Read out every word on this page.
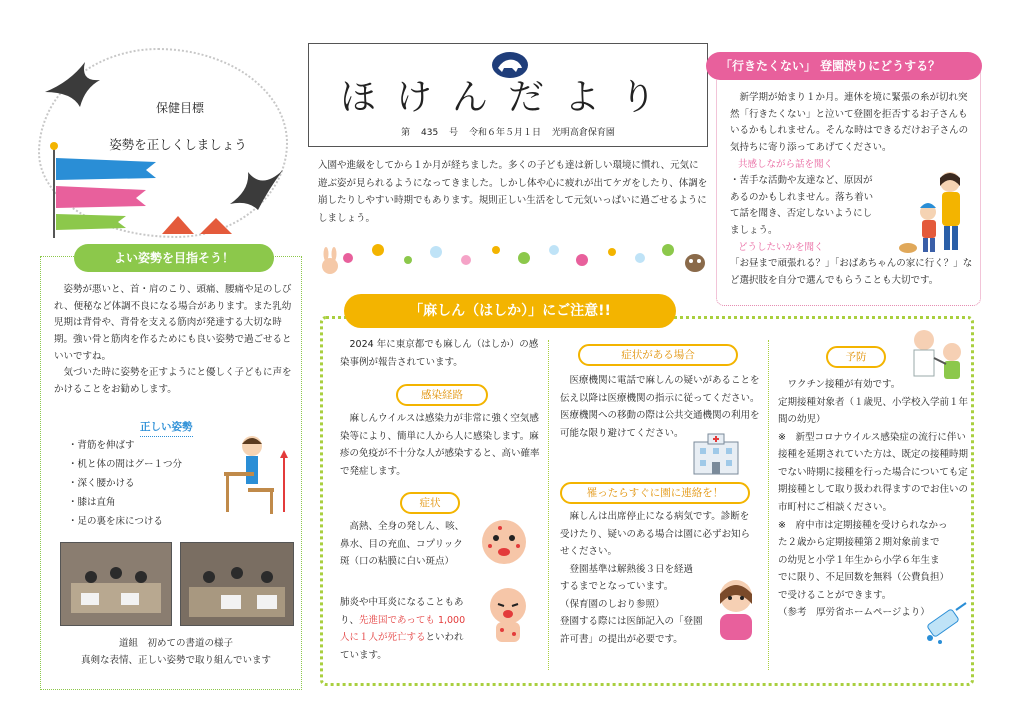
保健目標
姿勢を正しくしましょう
ほけんだより
第 435 号 令和６年５月１日 光明高倉保育園

入園や進級をしてから１か月が経ちました。多くの子ども達は新しい環境に慣れ、元気に遊ぶ姿が見られるようになってきました。しかし体や心に疲れが出てケガをしたり、体調を崩したりしやすい時期でもあります。規則正しい生活をして元気いっぱいに過ごせるようにしましょう。

「行きたくない」 登園渋りにどうする？

新学期が始まり１か月。連休を境に緊張の糸が切れ突然「行きたくない」と泣いて登園を拒否するお子さんもいるかもしれません。そんな時はできるだけお子さんの気持ちに寄り添ってあげてください。

共感しながら話を聞く

・苦手な活動や友達など、原因があるのかもしれません。落ち着いて話を聞き、否定しないようにしましょう。

どうしたいかを聞く

「お昼まで頑張れる？」「おばあちゃんの家に行く？」など選択肢を自分で選んでもらうことも大切です。

よい姿勢を目指そう！

姿勢が悪いと、首・肩のこり、頭痛、腰痛や足のしびれ、便秘など体調不良になる場合があります。また乳幼児期は背骨や、背骨を支える筋肉が発達する大切な時期。強い骨と筋肉を作るためにも良い姿勢で過ごせるといいですね。

気づいた時に姿勢を正すようにと優しく子どもに声をかけることをお勧めします。

正しい姿勢
・ 背筋を伸ばす
・ 机と体の間はグー１つ分
・ 深く腰かける
・ 膝は直角
・ 足の裏を床につける

道組　初めての書道の様子

真剣な表情、正しい姿勢で取り組んでいます

「麻しん（はしか）」にご注意!!

2024 年に東京都でも麻しん（はしか）の感染事例が報告されています。

感染経路

麻しんウイルスは感染力が非常に強く空気感染等により、簡単に人から人に感染します。麻疹の免疫が不十分な人が感染すると、高い確率で発症します。

症状

高熱、全身の発しん、咳、鼻水、目の充血、コプリック斑（口の粘膜に白い斑点）

肺炎や中耳炎になることもあり、先進国であっても 1,000 人に１人が死亡するといわれています。
症状がある場合

医療機関に電話で麻しんの疑いがあることを伝え以降は医療機関の指示に従ってください。医療機関への移動の際は公共交通機関の利用を可能な限り避けてください。

罹ったらすぐに園に連絡を！

麻しんは出席停止になる病気です。診断を受けたり、疑いのある場合は園に必ずお知らせください。

登園基準は解熱後３日を経過するまでとなっています。

（保育園のしおり参照）

登園する際には医師記入の「登園許可書」の提出が必要です。

予防

ワクチン接種が有効です。

定期接種対象者（１歳児、小学校入学前１年間の幼児）

※　新型コロナウイルス感染症の流行に伴い接種を延期されていた方は、既定の接種時期でない時期に接種を行った場合についても定期接種として取り扱われ得ますのでお住いの市町村にご相談ください。

※　府中市は定期接種を受けられなかった２歳から定期接種第２期対象前までの幼児と小学１年生から小学６年生までに限り、不足回数を無料（公費負担）で受けることができます。

（参考　厚労省ホームページより）
